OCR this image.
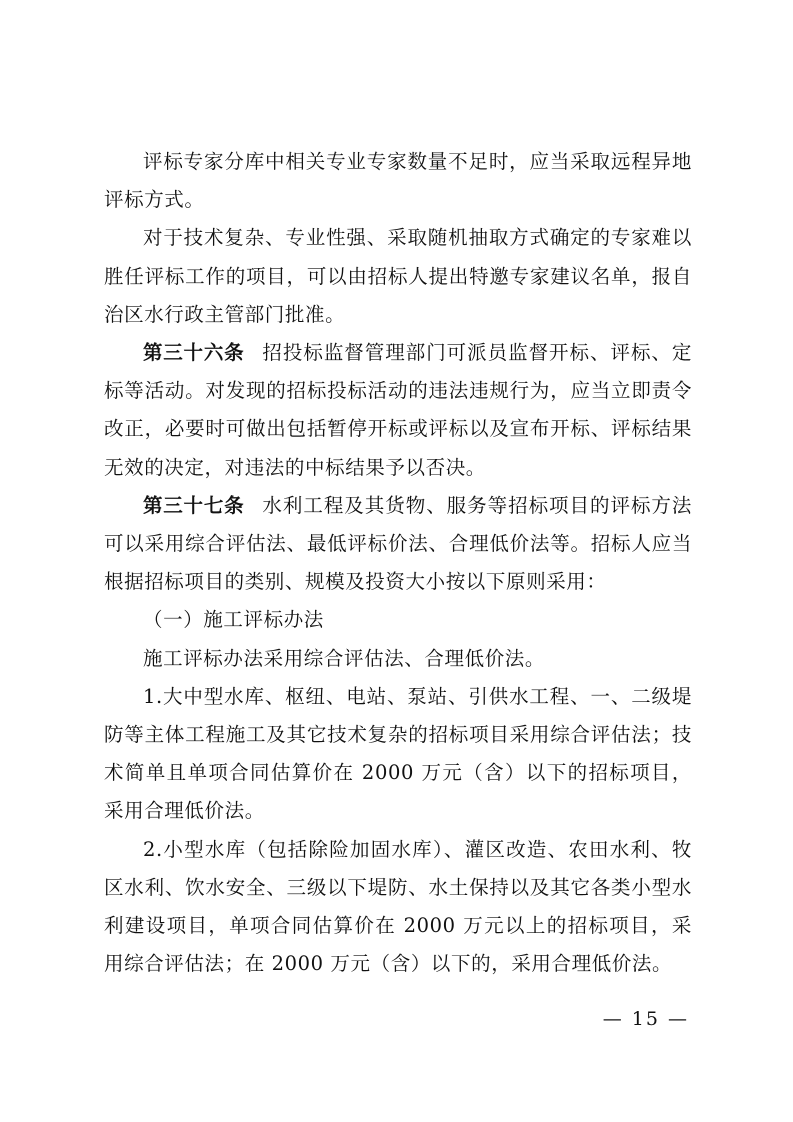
评标专家分库中相关专业专家数量不足时，应当采取远程异地评标方式。

对于技术复杂、专业性强、采取随机抽取方式确定的专家难以胜任评标工作的项目，可以由招标人提出特邀专家建议名单，报自治区水行政主管部门批准。

第三十六条 招投标监督管理部门可派员监督开标、评标、定标等活动。对发现的招标投标活动的违法违规行为，应当立即责令改正，必要时可做出包括暂停开标或评标以及宣布开标、评标结果无效的决定，对违法的中标结果予以否决。

第三十七条 水利工程及其货物、服务等招标项目的评标方法可以采用综合评估法、最低评标价法、合理低价法等。招标人应当根据招标项目的类别、规模及投资大小按以下原则采用：

（一）施工评标办法

施工评标办法采用综合评估法、合理低价法。

1.大中型水库、枢纽、电站、泵站、引供水工程、一、二级堤防等主体工程施工及其它技术复杂的招标项目采用综合评估法；技术简单且单项合同估算价在 2000 万元（含）以下的招标项目，采用合理低价法。

2.小型水库（包括除险加固水库）、灌区改造、农田水利、牧区水利、饮水安全、三级以下堤防、水土保持以及其它各类小型水利建设项目，单项合同估算价在 2000 万元以上的招标项目，采用综合评估法；在 2000 万元（含）以下的，采用合理低价法。

— 15 —
